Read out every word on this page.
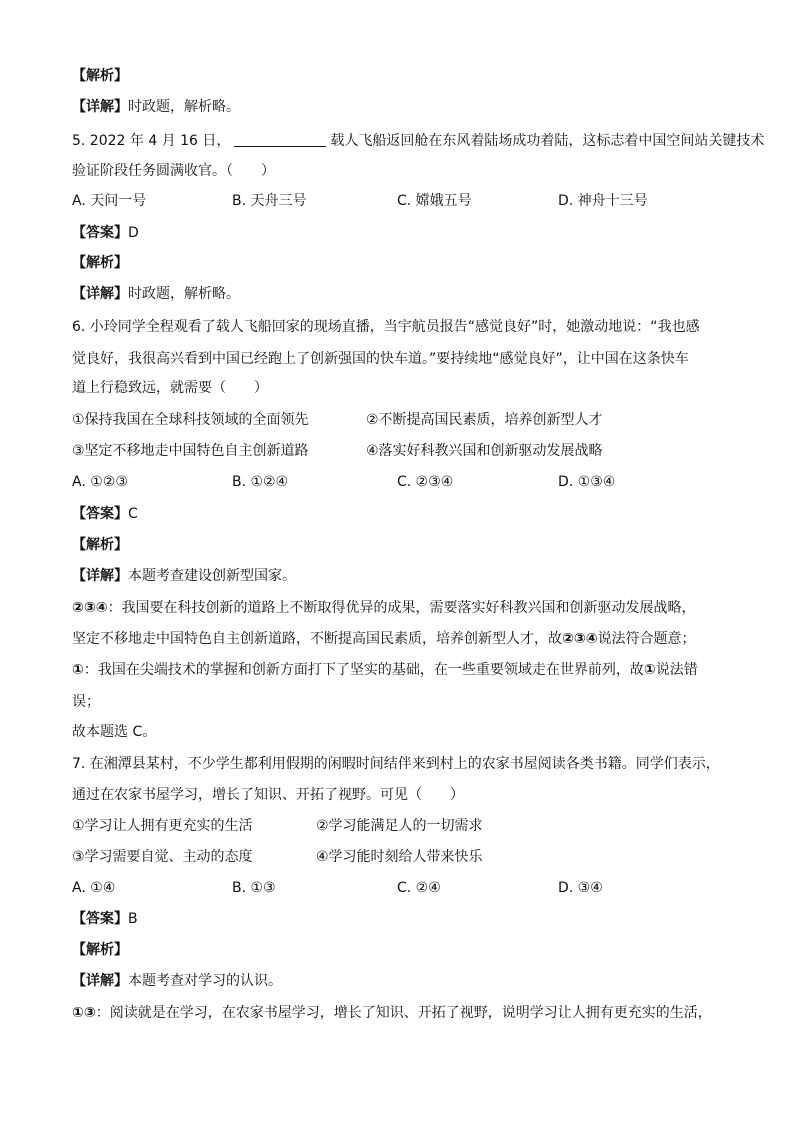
【解析】
【详解】时政题，解析略。
5. 2022 年 4 月 16 日，	载人飞船返回舱在东风着陆场成功着陆，这标志着中国空间站关键技术
验证阶段任务圆满收官。（　　）
A. 天问一号	B. 天舟三号	C. 嫦娥五号	D. 神舟十三号
【答案】D
【解析】
【详解】时政题，解析略。
6. 小玲同学全程观看了载人飞船回家的现场直播，当宇航员报告“感觉良好”时，她激动地说：“我也感
觉良好，我很高兴看到中国已经跑上了创新强国的快车道。”要持续地“感觉良好”，让中国在这条快车
道上行稳致远，就需要（　　）
①保持我国在全球科技领域的全面领先	②不断提高国民素质，培养创新型人才
③坚定不移地走中国特色自主创新道路	④落实好科教兴国和创新驱动发展战略
A. ①②③	B. ①②④	C. ②③④	D. ①③④
【答案】C
【解析】
【详解】本题考查建设创新型国家。
②③④：我国要在科技创新的道路上不断取得优异的成果，需要落实好科教兴国和创新驱动发展战略，
坚定不移地走中国特色自主创新道路，不断提高国民素质，培养创新型人才，故②③④说法符合题意；
①：我国在尖端技术的掌握和创新方面打下了坚实的基础，在一些重要领域走在世界前列，故①说法错
误；
故本题选 C。
7. 在湘潭县某村，不少学生都利用假期的闲暇时间结伴来到村上的农家书屋阅读各类书籍。同学们表示，
通过在农家书屋学习，增长了知识、开拓了视野。可见（　　）
①学习让人拥有更充实的生活	②学习能满足人的一切需求
③学习需要自觉、主动的态度	④学习能时刻给人带来快乐
A. ①④	B. ①③	C. ②④	D. ③④
【答案】B
【解析】
【详解】本题考查对学习的认识。
①③：阅读就是在学习，在农家书屋学习，增长了知识、开拓了视野，说明学习让人拥有更充实的生活，
